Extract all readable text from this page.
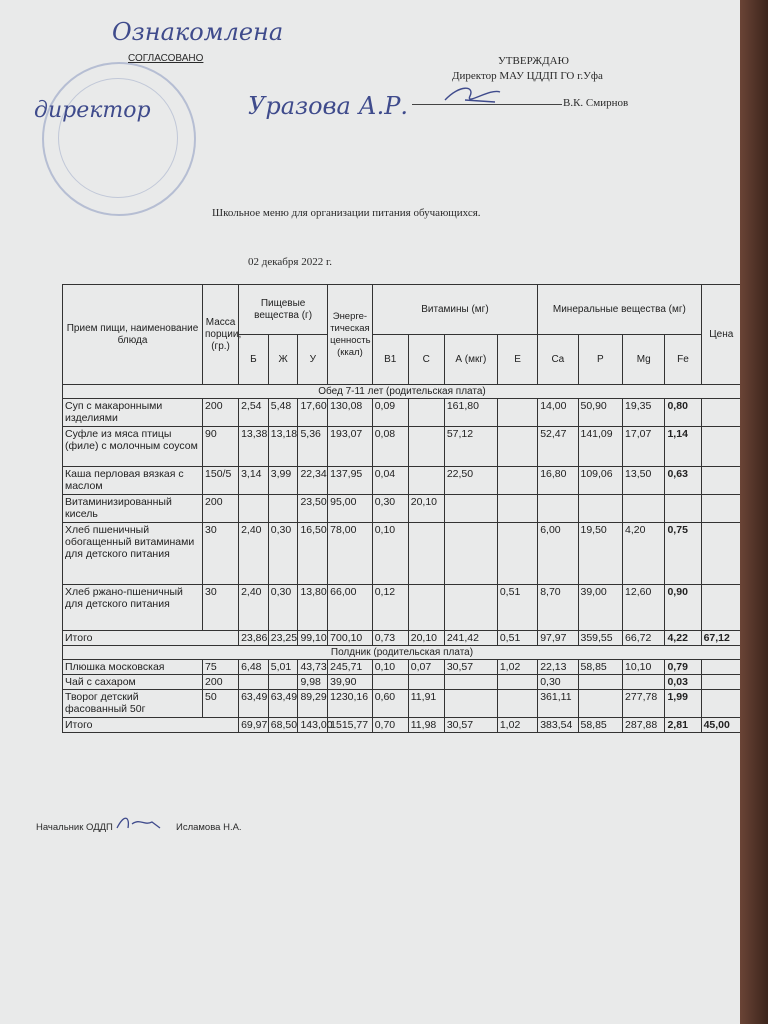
Ознакомлена
директор	Уразова А.Р.
СОГЛАСОВАНО	УТВЕРЖДАЮ
Директор МАУ ЦДДП ГО г.Уфа
В.К. Смирнов
Школьное меню для организации питания обучающихся.
02 декабря 2022 г.
Прием пищи, наименование блюда	Масса порции, (гр.)	Пищевые вещества (г)			Энерге-тическая ценность (ккал)	Витамины (мг)				Минеральные вещества (мг)				Цена
		Б	Ж	У		B1	C	А (мкг)	Е	Ca	P	Mg	Fe	
Обед 7-11 лет (родительская плата)														
Суп с макаронными изделиями	200	2,54	5,48	17,60	130,08	0,09		161,80		14,00	50,90	19,35	0,80	
Суфле из мяса птицы (филе) с молочным соусом	90	13,38	13,18	5,36	193,07	0,08		57,12		52,47	141,09	17,07	1,14	
Каша перловая вязкая с маслом	150/5	3,14	3,99	22,34	137,95	0,04		22,50		16,80	109,06	13,50	0,63	
Витаминизированный кисель	200			23,50	95,00	0,30	20,10							
Хлеб пшеничный обогащенный витаминами для детского питания	30	2,40	0,30	16,50	78,00	0,10				6,00	19,50	4,20	0,75	
Хлеб ржано-пшеничный для детского питания	30	2,40	0,30	13,80	66,00	0,12			0,51	8,70	39,00	12,60	0,90	
Итого		23,86	23,25	99,10	700,10	0,73	20,10	241,42	0,51	97,97	359,55	66,72	4,22	67,12
Полдник (родительская плата)														
Плюшка московская	75	6,48	5,01	43,73	245,71	0,10	0,07	30,57	1,02	22,13	58,85	10,10	0,79	
Чай с сахаром	200			9,98	39,90					0,30			0,03	
Творог детский фасованный 50г	50	63,49	63,49	89,29	1230,16	0,60	11,91			361,11		277,78	1,99	
Итого		69,97	68,50	143,00	1515,77	0,70	11,98	30,57	1,02	383,54	58,85	287,88	2,81	45,00
Начальник ОДДП	Исламова Н.А.
